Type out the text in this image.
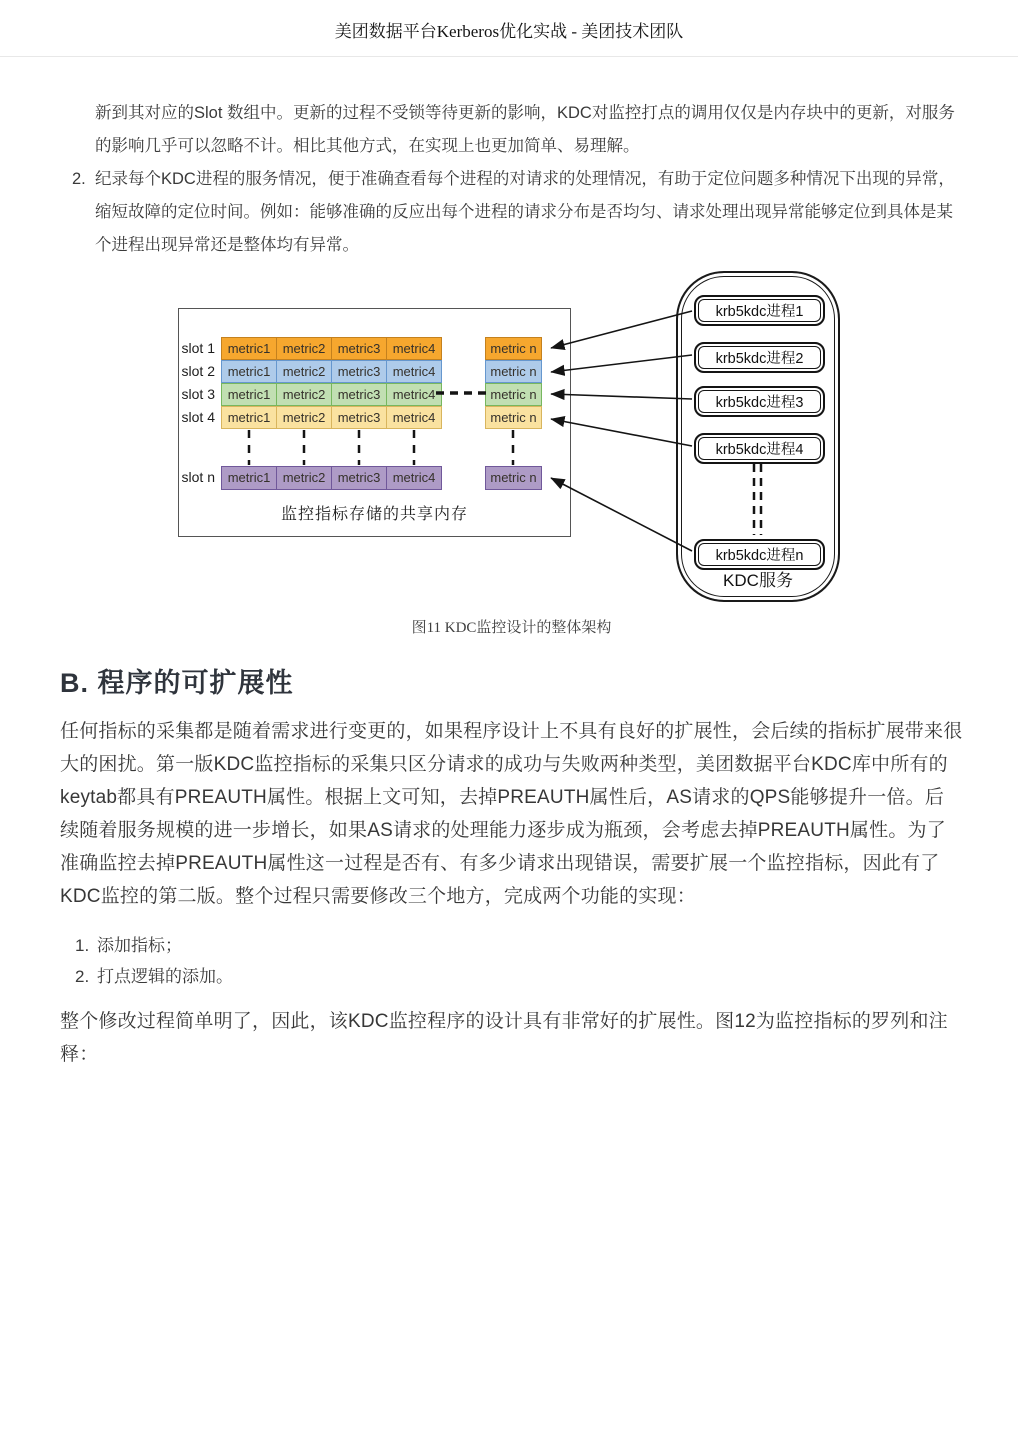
美团数据平台Kerberos优化实战 - 美团技术团队
新到其对应的Slot 数组中。更新的过程不受锁等待更新的影响，KDC对监控打点的调用仅仅是内存块中的更新，对服务的影响几乎可以忽略不计。相比其他方式，在实现上也更加简单、易理解。
2. 纪录每个KDC进程的服务情况，便于准确查看每个进程的对请求的处理情况，有助于定位问题多种情况下出现的异常，缩短故障的定位时间。例如：能够准确的反应出每个进程的请求分布是否均匀、请求处理出现异常能够定位到具体是某个进程出现异常还是整体均有异常。
监控指标存储的共享内存
slot 1 metric1 metric2 metric3 metric4	metric n
slot 2 metric1 metric2 metric3 metric4	metric n
slot 3 metric1 metric2 metric3 metric4	metric n
slot 4 metric1 metric2 metric3 metric4	metric n
slot n metric1 metric2 metric3 metric4	metric n
krb5kdc进程1
krb5kdc进程2
krb5kdc进程3
krb5kdc进程4
krb5kdc进程n
KDC服务
图11 KDC监控设计的整体架构
B. 程序的可扩展性

任何指标的采集都是随着需求进行变更的，如果程序设计上不具有良好的扩展性，会后续的指标扩展带来很大的困扰。第一版KDC监控指标的采集只区分请求的成功与失败两种类型，美团数据平台KDC库中所有的keytab都具有PREAUTH属性。根据上文可知，去掉PREAUTH属性后，AS请求的QPS能够提升一倍。后续随着服务规模的进一步增长，如果AS请求的处理能力逐步成为瓶颈，会考虑去掉PREAUTH属性。为了准确监控去掉PREAUTH属性这一过程是否有、有多少请求出现错误，需要扩展一个监控指标，因此有了KDC监控的第二版。整个过程只需要修改三个地方，完成两个功能的实现：

1. 添加指标；
2. 打点逻辑的添加。

整个修改过程简单明了，因此，该KDC监控程序的设计具有非常好的扩展性。图12为监控指标的罗列和注释：
